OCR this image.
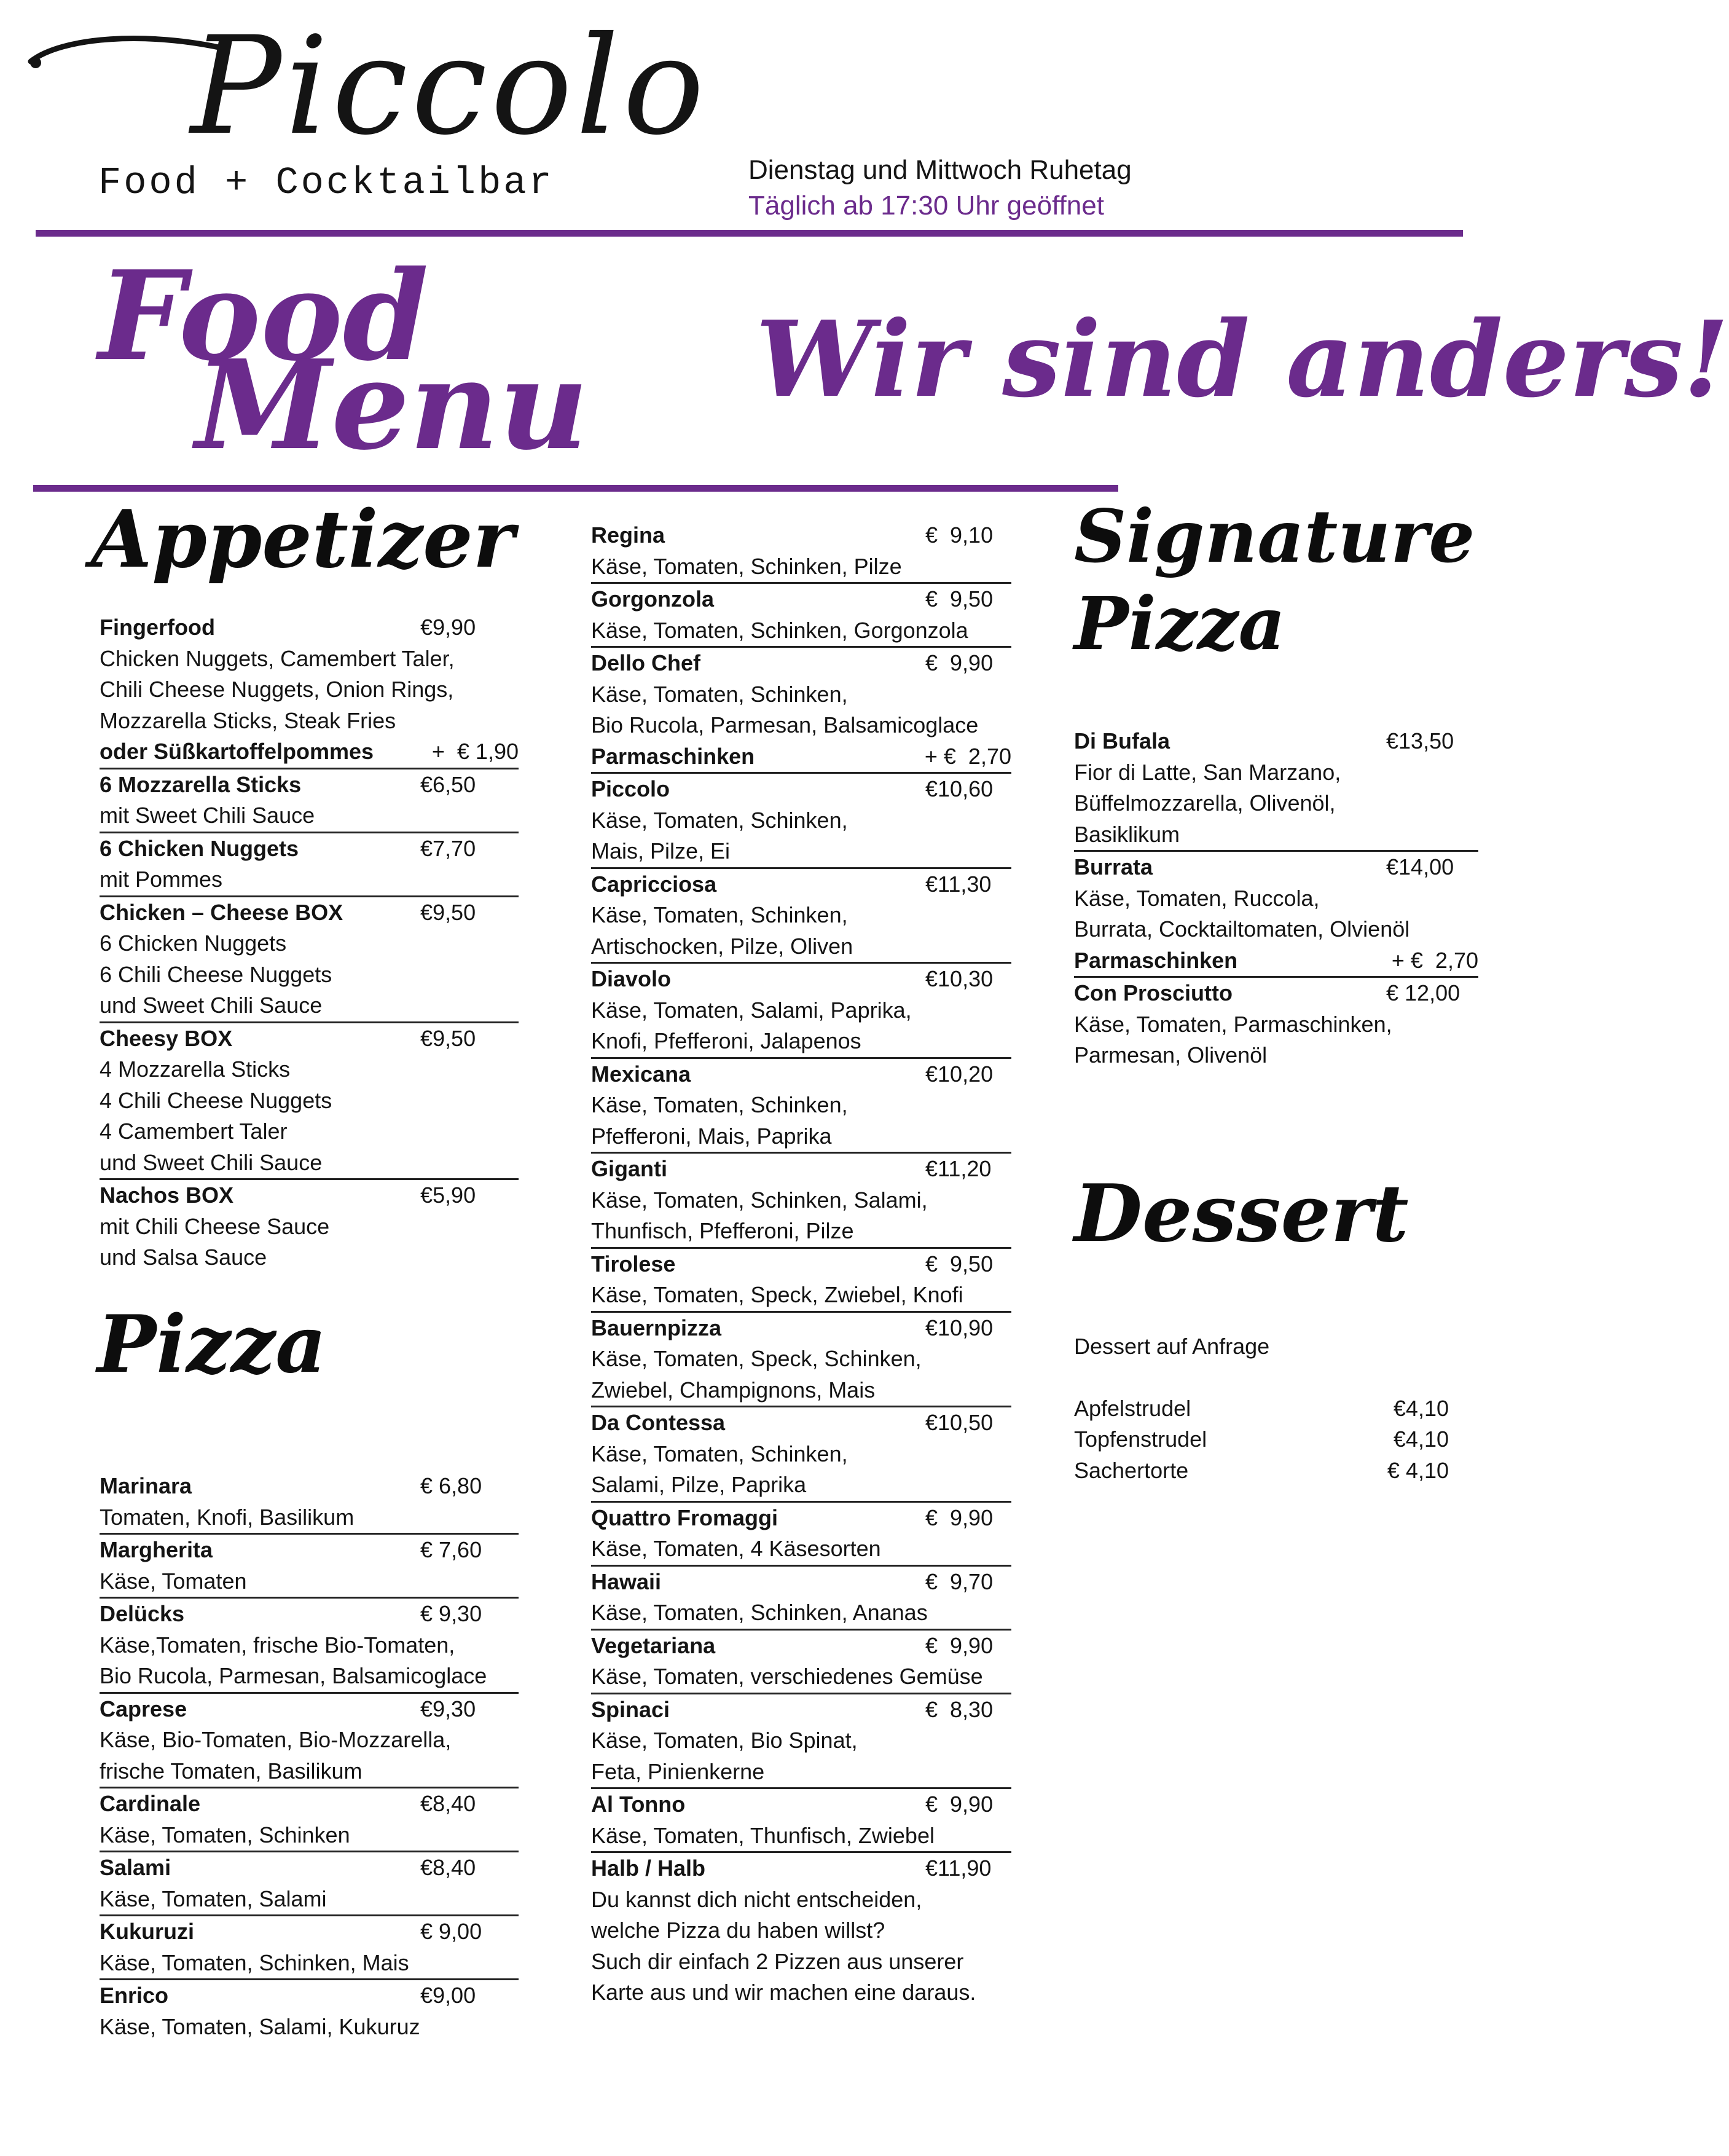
Piccolo
Food + Cocktailbar	Dienstag und Mittwoch Ruhetag
Täglich ab 17:30 Uhr geöffnet
Food
Menu Wir sind anders!
Appetizer
Pizza
Signature
Pizza
Dessert
Fingerfood	€9,90
Chicken Nuggets, Camembert Taler,
Chili Cheese Nuggets, Onion Rings,
Mozzarella Sticks, Steak Fries
oder Süßkartoffelpommes	+  € 1,90
6 Mozzarella Sticks	€6,50
mit Sweet Chili Sauce
6 Chicken Nuggets	€7,70
mit Pommes
Chicken – Cheese BOX	€9,50
6 Chicken Nuggets
6 Chili Cheese Nuggets
und Sweet Chili Sauce
Cheesy BOX	€9,50
4 Mozzarella Sticks
4 Chili Cheese Nuggets
4 Camembert Taler
und Sweet Chili Sauce
Nachos BOX	€5,90
mit Chili Cheese Sauce
und Salsa Sauce
Marinara	€ 6,80
Tomaten, Knofi, Basilikum
Margherita	€ 7,60
Käse, Tomaten
Delücks	€ 9,30
Käse,Tomaten, frische Bio-Tomaten,
Bio Rucola, Parmesan, Balsamicoglace
Caprese	€9,30
Käse, Bio-Tomaten, Bio-Mozzarella,
frische Tomaten, Basilikum
Cardinale	€8,40
Käse, Tomaten, Schinken
Salami	€8,40
Käse, Tomaten, Salami
Kukuruzi	€ 9,00
Käse, Tomaten, Schinken, Mais
Enrico	€9,00
Käse, Tomaten, Salami, Kukuruz
Regina	€  9,10
Käse, Tomaten, Schinken, Pilze
Gorgonzola	€  9,50
Käse, Tomaten, Schinken, Gorgonzola
Dello Chef	€  9,90
Käse, Tomaten, Schinken,
Bio Rucola, Parmesan, Balsamicoglace
Parmaschinken	+ €  2,70
Piccolo	€10,60
Käse, Tomaten, Schinken,
Mais, Pilze, Ei
Capricciosa	€11,30
Käse, Tomaten, Schinken,
Artischocken, Pilze, Oliven
Diavolo	€10,30
Käse, Tomaten, Salami, Paprika,
Knofi, Pfefferoni, Jalapenos
Mexicana	€10,20
Käse, Tomaten, Schinken,
Pfefferoni, Mais, Paprika
Giganti	€11,20
Käse, Tomaten, Schinken, Salami,
Thunfisch, Pfefferoni, Pilze
Tirolese	€  9,50
Käse, Tomaten, Speck, Zwiebel, Knofi
Bauernpizza	€10,90
Käse, Tomaten, Speck, Schinken,
Zwiebel, Champignons, Mais
Da Contessa	€10,50
Käse, Tomaten, Schinken,
Salami, Pilze, Paprika
Quattro Fromaggi	€  9,90
Käse, Tomaten, 4 Käsesorten
Hawaii	€  9,70
Käse, Tomaten, Schinken, Ananas
Vegetariana	€  9,90
Käse, Tomaten, verschiedenes Gemüse
Spinaci	€  8,30
Käse, Tomaten, Bio Spinat,
Feta, Pinienkerne
Al Tonno	€  9,90
Käse, Tomaten, Thunfisch, Zwiebel
Halb / Halb	€11,90
Du kannst dich nicht entscheiden,
welche Pizza du haben willst?
Such dir einfach 2 Pizzen aus unserer
Karte aus und wir machen eine daraus.
Di Bufala	€13,50
Fior di Latte, San Marzano,
Büffelmozzarella, Olivenöl,
Basiklikum
Burrata	€14,00
Käse, Tomaten, Ruccola,
Burrata, Cocktailtomaten, Olvienöl
Parmaschinken	+ €  2,70
Con Prosciutto	€ 12,00
Käse, Tomaten, Parmaschinken,
Parmesan, Olivenöl
Dessert auf Anfrage
Apfelstrudel	€4,10
Topfenstrudel	€4,10
Sachertorte	€ 4,10
